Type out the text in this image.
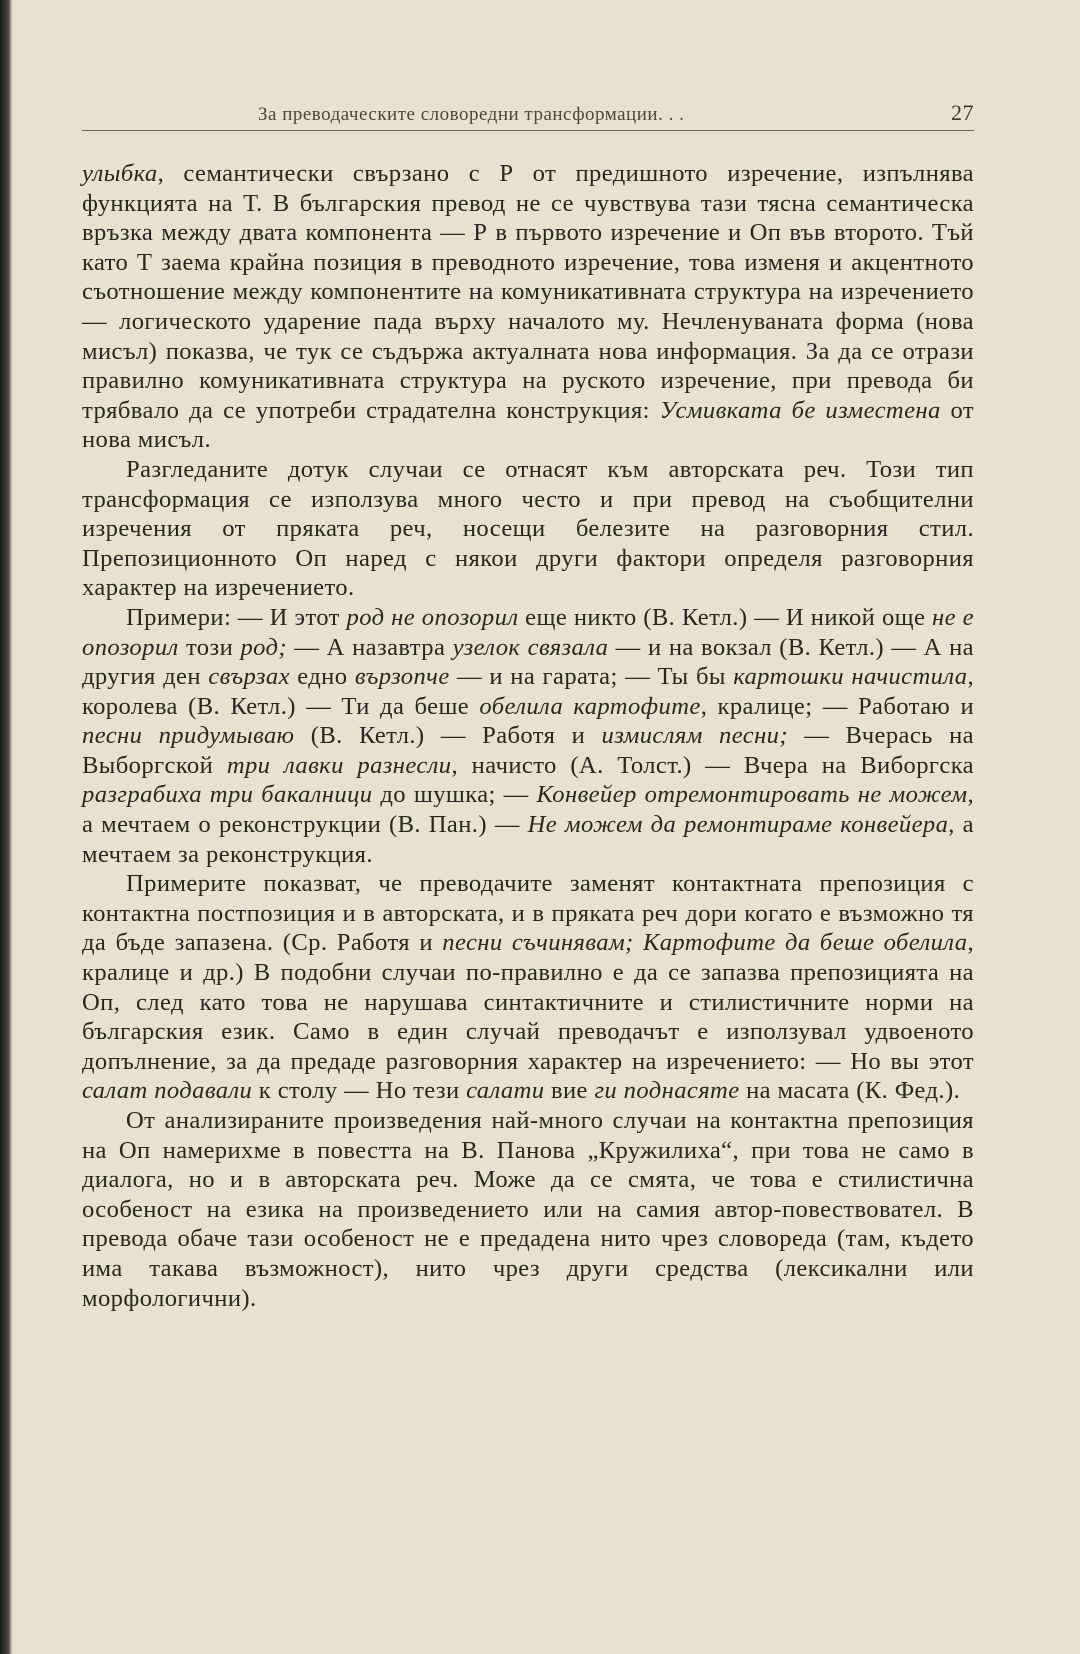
За преводаческите словоредни трансформации. . .	27

улыбка, семантически свързано с Р от предишното изречение, изпълнява функцията на Т. В българския превод не се чувствува тази тясна семантическа връзка между двата компонента — Р в първото изречение и Оп във второто. Тъй като Т заема крайна позиция в преводното изречение, това изменя и акцентното съотношение между компонентите на комуникативната структура на изречението — логическото ударение пада върху началото му. Нечленуваната форма (нова мисъл) показва, че тук се съдържа актуалната нова информация. За да се отрази правилно комуникативната структура на руското изречение, при превода би трябвало да се употреби страдателна конструкция: Усмивката бе изместена от нова мисъл.

Разгледаните дотук случаи се отнасят към авторската реч. Този тип трансформация се използува много често и при превод на съобщителни изречения от пряката реч, носещи белезите на разговорния стил. Препозиционното Оп наред с някои други фактори определя разговорния характер на изречението.

Примери: — И этот род не опозорил еще никто (В. Кетл.) — И никой още не е опозорил този род; — А назавтра узелок связала — и на вокзал (В. Кетл.) — А на другия ден свързах едно вързопче — и на гарата; — Ты бы картошки начистила, королева (В. Кетл.) — Ти да беше обелила картофите, кралице; — Работаю и песни придумываю (В. Кетл.) — Работя и измислям песни; — Вчерась на Выборгской три лавки разнесли, начисто (А. Толст.) — Вчера на Виборгска разграбиха три бакалници до шушка; — Конвейер отремонтировать не можем, а мечтаем о реконструкции (В. Пан.) — Не можем да ремонтираме конвейера, а мечтаем за реконструкция.

Примерите показват, че преводачите заменят контактната препозиция с контактна постпозиция и в авторската, и в пряката реч дори когато е възможно тя да бъде запазена. (Ср. Работя и песни съчинявам; Картофите да беше обелила, кралице и др.) В подобни случаи по-правилно е да се запазва препозицията на Оп, след като това не нарушава синтактичните и стилистичните норми на българския език. Само в един случай преводачът е използувал удвоеното допълнение, за да предаде разговорния характер на изречението: — Но вы этот салат подавали к столу — Но тези салати вие ги поднасяте на масата (К. Фед.).

От анализираните произведения най-много случаи на контактна препозиция на Оп намерихме в повестта на В. Панова „Кружилиха“, при това не само в диалога, но и в авторската реч. Може да се смята, че това е стилистична особеност на езика на произведението или на самия автор-повествовател. В превода обаче тази особеност не е предадена нито чрез словореда (там, където има такава възможност), нито чрез други средства (лексикални или морфологични).
